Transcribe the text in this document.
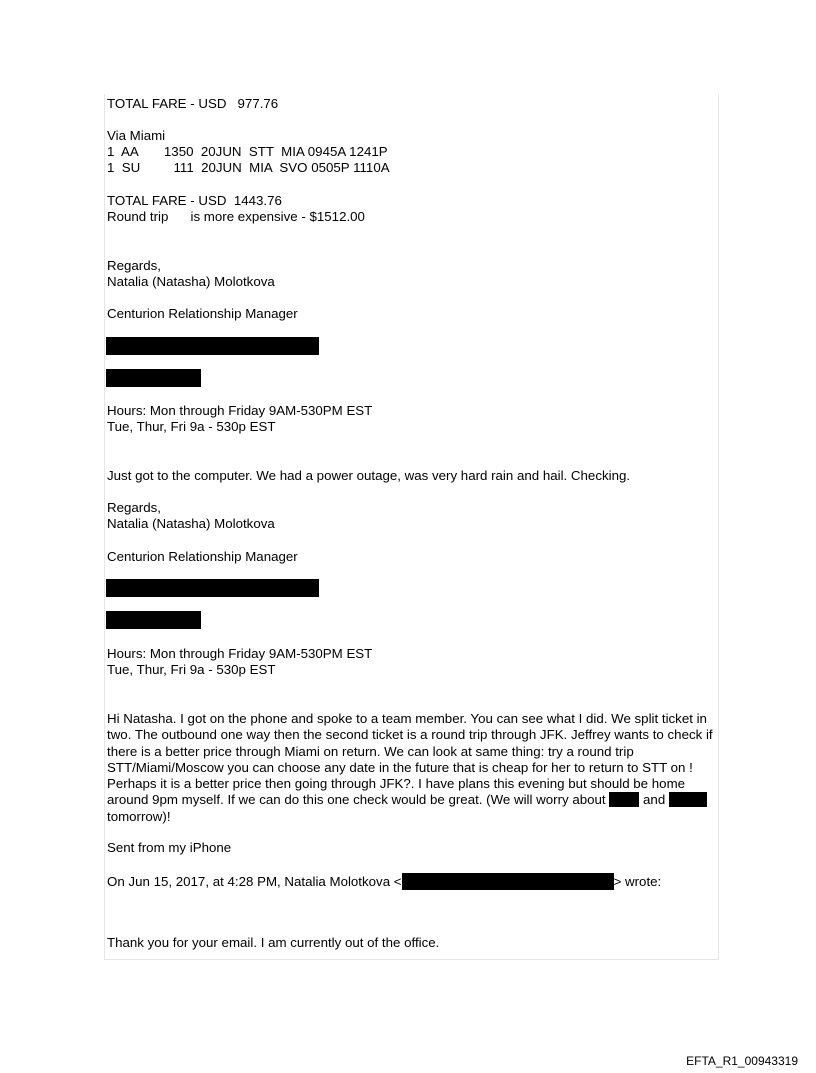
TOTAL FARE - USD   977.76
Via Miami
1  AA       1350  20JUN  STT  MIA 0945A 1241P
1  SU         111  20JUN  MIA  SVO 0505P 1110A
TOTAL FARE - USD  1443.76
Round trip      is more expensive - $1512.00
Regards,
Natalia (Natasha) Molotkova
Centurion Relationship Manager
Hours: Mon through Friday 9AM-530PM EST
Tue, Thur, Fri 9a - 530p EST
Just got to the computer. We had a power outage, was very hard rain and hail. Checking.
Regards,
Natalia (Natasha) Molotkova
Centurion Relationship Manager
Hours: Mon through Friday 9AM-530PM EST
Tue, Thur, Fri 9a - 530p EST
Hi Natasha. I got on the phone and spoke to a team member. You can see what I did. We split ticket in two. The outbound one way then the second ticket is a round trip through JFK. Jeffrey wants to check if there is a better price through Miami on return. We can look at same thing: try a round trip STT/Miami/Moscow you can choose any date in the future that is cheap for her to return to STT on ! Perhaps it is a better price then going through JFK?. I have plans this evening but should be home around 9pm myself. If we can do this one check would be great. (We will worry about  and  tomorrow)!
Sent from my iPhone
On Jun 15, 2017, at 4:28 PM, Natalia Molotkova <	> wrote:
Thank you for your email. I am currently out of the office.
EFTA_R1_00943319
